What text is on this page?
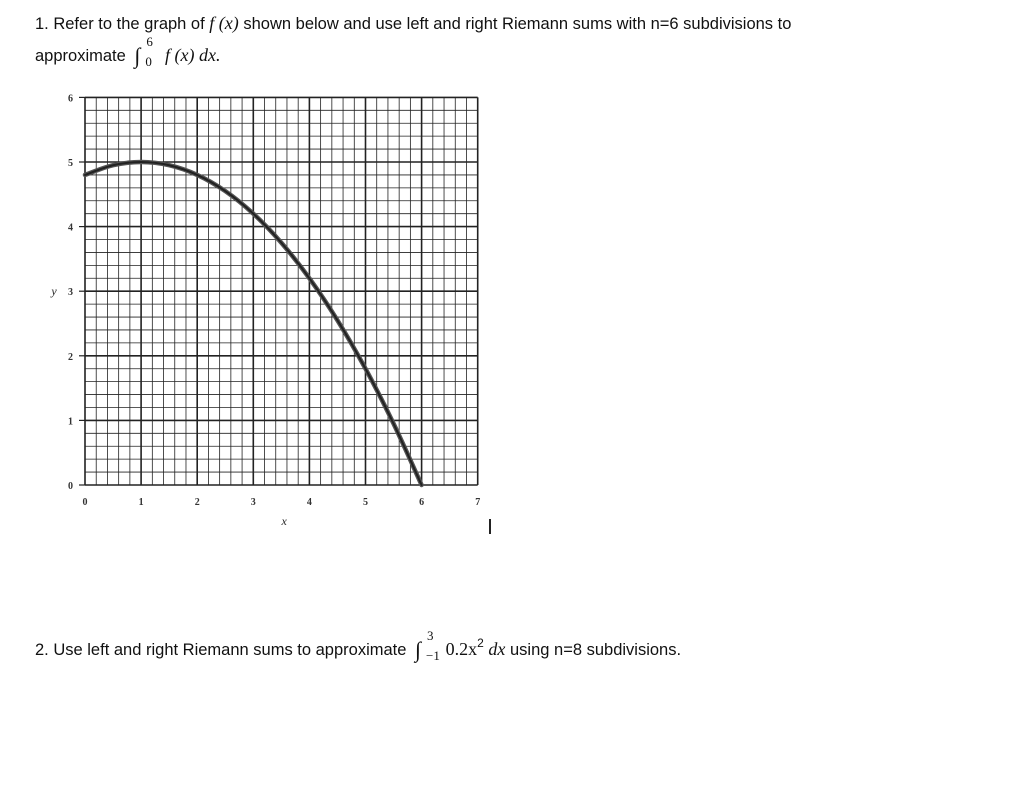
1. Refer to the graph of f (x) shown below and use left and right Riemann sums with n=6 subdivisions to
approximate ∫
6
0 f (x) dx.
0
1
2
3
4
5
6
0	1	2	3	4	5	6	7
x
y
2. Use left and right Riemann sums to approximate ∫
3
−1 $0.2x^2$ dx using n=8 subdivisions.
